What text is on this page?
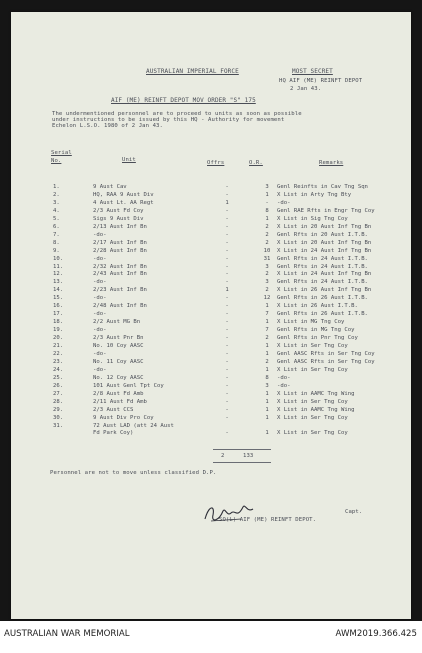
AUSTRALIAN IMPERIAL FORCE	MOST SECRET
HQ AIF (ME) REINFT DEPOT
2 Jan 43.
AIF (ME) REINFT DEPOT MOV ORDER "S" 175
The undermentioned personnel are to proceed to units as soon as possible
under instructions to be issued by this HQ - Authority for movement
Echelon L.S.O. 1980 of 2 Jan 43.
Serial
No.	Unit	Offrs	O.R.	Remarks
1.	9 Aust Cav	-	3	Genl Reinfts in Cav Tng Sqn
2.	HQ, RAA 9 Aust Div	-	1	X List in Arty Tng Bty
3.	4 Aust Lt. AA Regt	1	-	-do-
4.	2/3 Aust Fd Coy	-	8	Genl RAE Rfts in Engr Tng Coy
5.	Sigs 9 Aust Div	-	1	X List in Sig Tng Coy
6.	2/13 Aust Inf Bn	-	2	X List in 20 Aust Inf Tng Bn
7.	-do-	-	2	Genl Rfts in 20 Aust I.T.B.
8.	2/17 Aust Inf Bn	-	2	X List in 20 Aust Inf Tng Bn
9.	2/28 Aust Inf Bn	-	10	X List in 24 Aust Inf Tng Bn
10.	-do-	-	31	Genl Rfts in 24 Aust I.T.B.
11.	2/32 Aust Inf Bn	-	3	Genl Rfts in 24 Aust I.T.B.
12.	2/43 Aust Inf Bn	-	2	X List in 24 Aust Inf Tng Bn
13.	-do-	-	3	Genl Rfts in 24 Aust I.T.B.
14.	2/23 Aust Inf Bn	1	2	X List in 26 Aust Inf Tng Bn
15.	-do-	-	12	Genl Rfts in 26 Aust I.T.B.
16.	2/48 Aust Inf Bn	-	1	X List in 26 Aust I.T.B.
17.	-do-	-	7	Genl Rfts in 26 Aust I.T.B.
18.	2/2 Aust MG Bn	-	1	X List in MG Tng Coy
19.	-do-	-	7	Genl Rfts in MG Tng Coy
20.	2/3 Aust Pnr Bn	-	2	Genl Rfts in Pnr Tng Coy
21.	No. 10 Coy AASC	-	1	X List in Ser Tng Coy
22.	-do-	-	1	Genl AASC Rfts in Ser Tng Coy
23.	No. 11 Coy AASC	-	2	Genl AASC Rfts in Ser Tng Coy
24.	-do-	-	1	X List in Ser Tng Coy
25.	No. 12 Coy AASC	-	8	-do-
26.	101 Aust Genl Tpt Coy	-	3	-do-
27.	2/8 Aust Fd Amb	-	1	X List in AAMC Tng Wing
28.	2/11 Aust Fd Amb	-	1	X List in Ser Tng Coy
29.	2/3 Aust CCS	-	1	X List in AAMC Tng Wing
30.	9 Aust Div Pro Coy	-	1	X List in Ser Tng Coy
31.	72 Aust LAD (att 24 Aust
Fd Park Coy)	-	1	X List in Ser Tng Coy
2	133
Personnel are not to move unless classified D.P.
Capt.
SO(L) AIF (ME) REINFT DEPOT.
AUSTRALIAN WAR MEMORIAL	AWM2019.366.425
